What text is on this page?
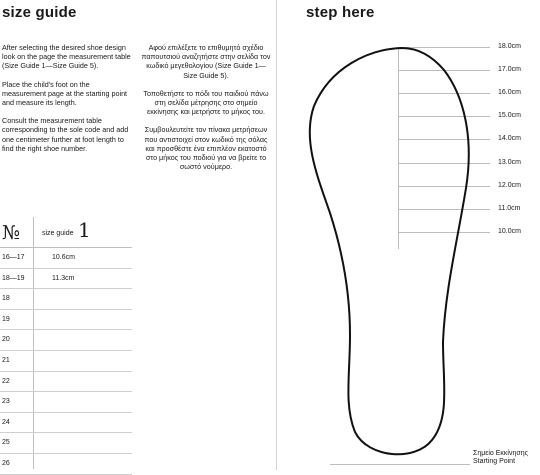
size guide	step here

After selecting the desired shoe design look on the page the measurement table (Size Guide 1—Size Guide 5).

Place the child's foot on the measurement page at the starting point and measure its length.

Consult the measurement table corresponding to the sole code and add one centimeter further at foot length to find the right shoe number.

Αφού επιλέξετε το επιθυμητό σχέδιο παπουτσιού αναζητήστε στην σελίδα τον κωδικό μεγεθολογίου (Size Guide 1—Size Guide 5).

Τοποθετήστε το πόδι του παιδιού πάνω στη σελίδα μέτρησης στο σημείο εκκίνησης και μετρήστε το μήκος του.

Συμβουλευτείτε τον πίνακα μετρήσεων που αντιστοιχεί στον κωδικό της σόλας και προσθέστε ένα επιπλέον εκατοστό στο μήκος του ποδιού για να βρείτε το σωστό νούμερο.

№	size guide 1
16—17	10.6cm
18—19	11.3cm
18
19
20
21
22
23
24
25
26
18.0cm
17.0cm
16.0cm
15.0cm
14.0cm
13.0cm
12.0cm
11.0cm
10.0cm
Σημείο Εκκίνησης
Starting Point
